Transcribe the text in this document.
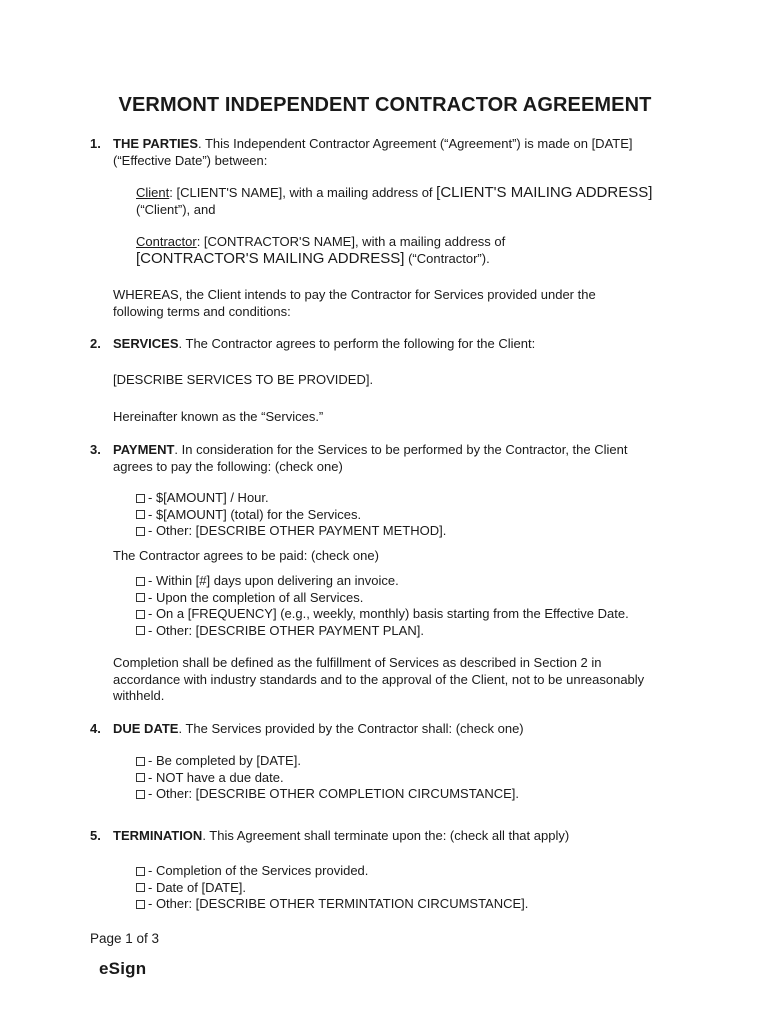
VERMONT INDEPENDENT CONTRACTOR AGREEMENT
1. THE PARTIES. This Independent Contractor Agreement (“Agreement”) is made on [DATE]
(“Effective Date”) between:
Client: [CLIENT'S NAME], with a mailing address of [CLIENT'S MAILING ADDRESS]
(“Client”), and
Contractor: [CONTRACTOR'S NAME], with a mailing address of
[CONTRACTOR'S MAILING ADDRESS] (“Contractor”).
WHEREAS, the Client intends to pay the Contractor for Services provided under the
following terms and conditions:
2. SERVICES. The Contractor agrees to perform the following for the Client:
[DESCRIBE SERVICES TO BE PROVIDED].
Hereinafter known as the “Services.”
3. PAYMENT. In consideration for the Services to be performed by the Contractor, the Client
agrees to pay the following: (check one)
- $[AMOUNT] / Hour.
- $[AMOUNT] (total) for the Services.
- Other: [DESCRIBE OTHER PAYMENT METHOD].
The Contractor agrees to be paid: (check one)
- Within [#] days upon delivering an invoice.
- Upon the completion of all Services.
- On a [FREQUENCY] (e.g., weekly, monthly) basis starting from the Effective Date.
- Other: [DESCRIBE OTHER PAYMENT PLAN].
Completion shall be defined as the fulfillment of Services as described in Section 2 in
accordance with industry standards and to the approval of the Client, not to be unreasonably
withheld.
4. DUE DATE. The Services provided by the Contractor shall: (check one)
- Be completed by [DATE].
- NOT have a due date.
- Other: [DESCRIBE OTHER COMPLETION CIRCUMSTANCE].
5. TERMINATION. This Agreement shall terminate upon the: (check all that apply)
- Completion of the Services provided.
- Date of [DATE].
- Other: [DESCRIBE OTHER TERMINTATION CIRCUMSTANCE].
Page 1 of 3
eSign
